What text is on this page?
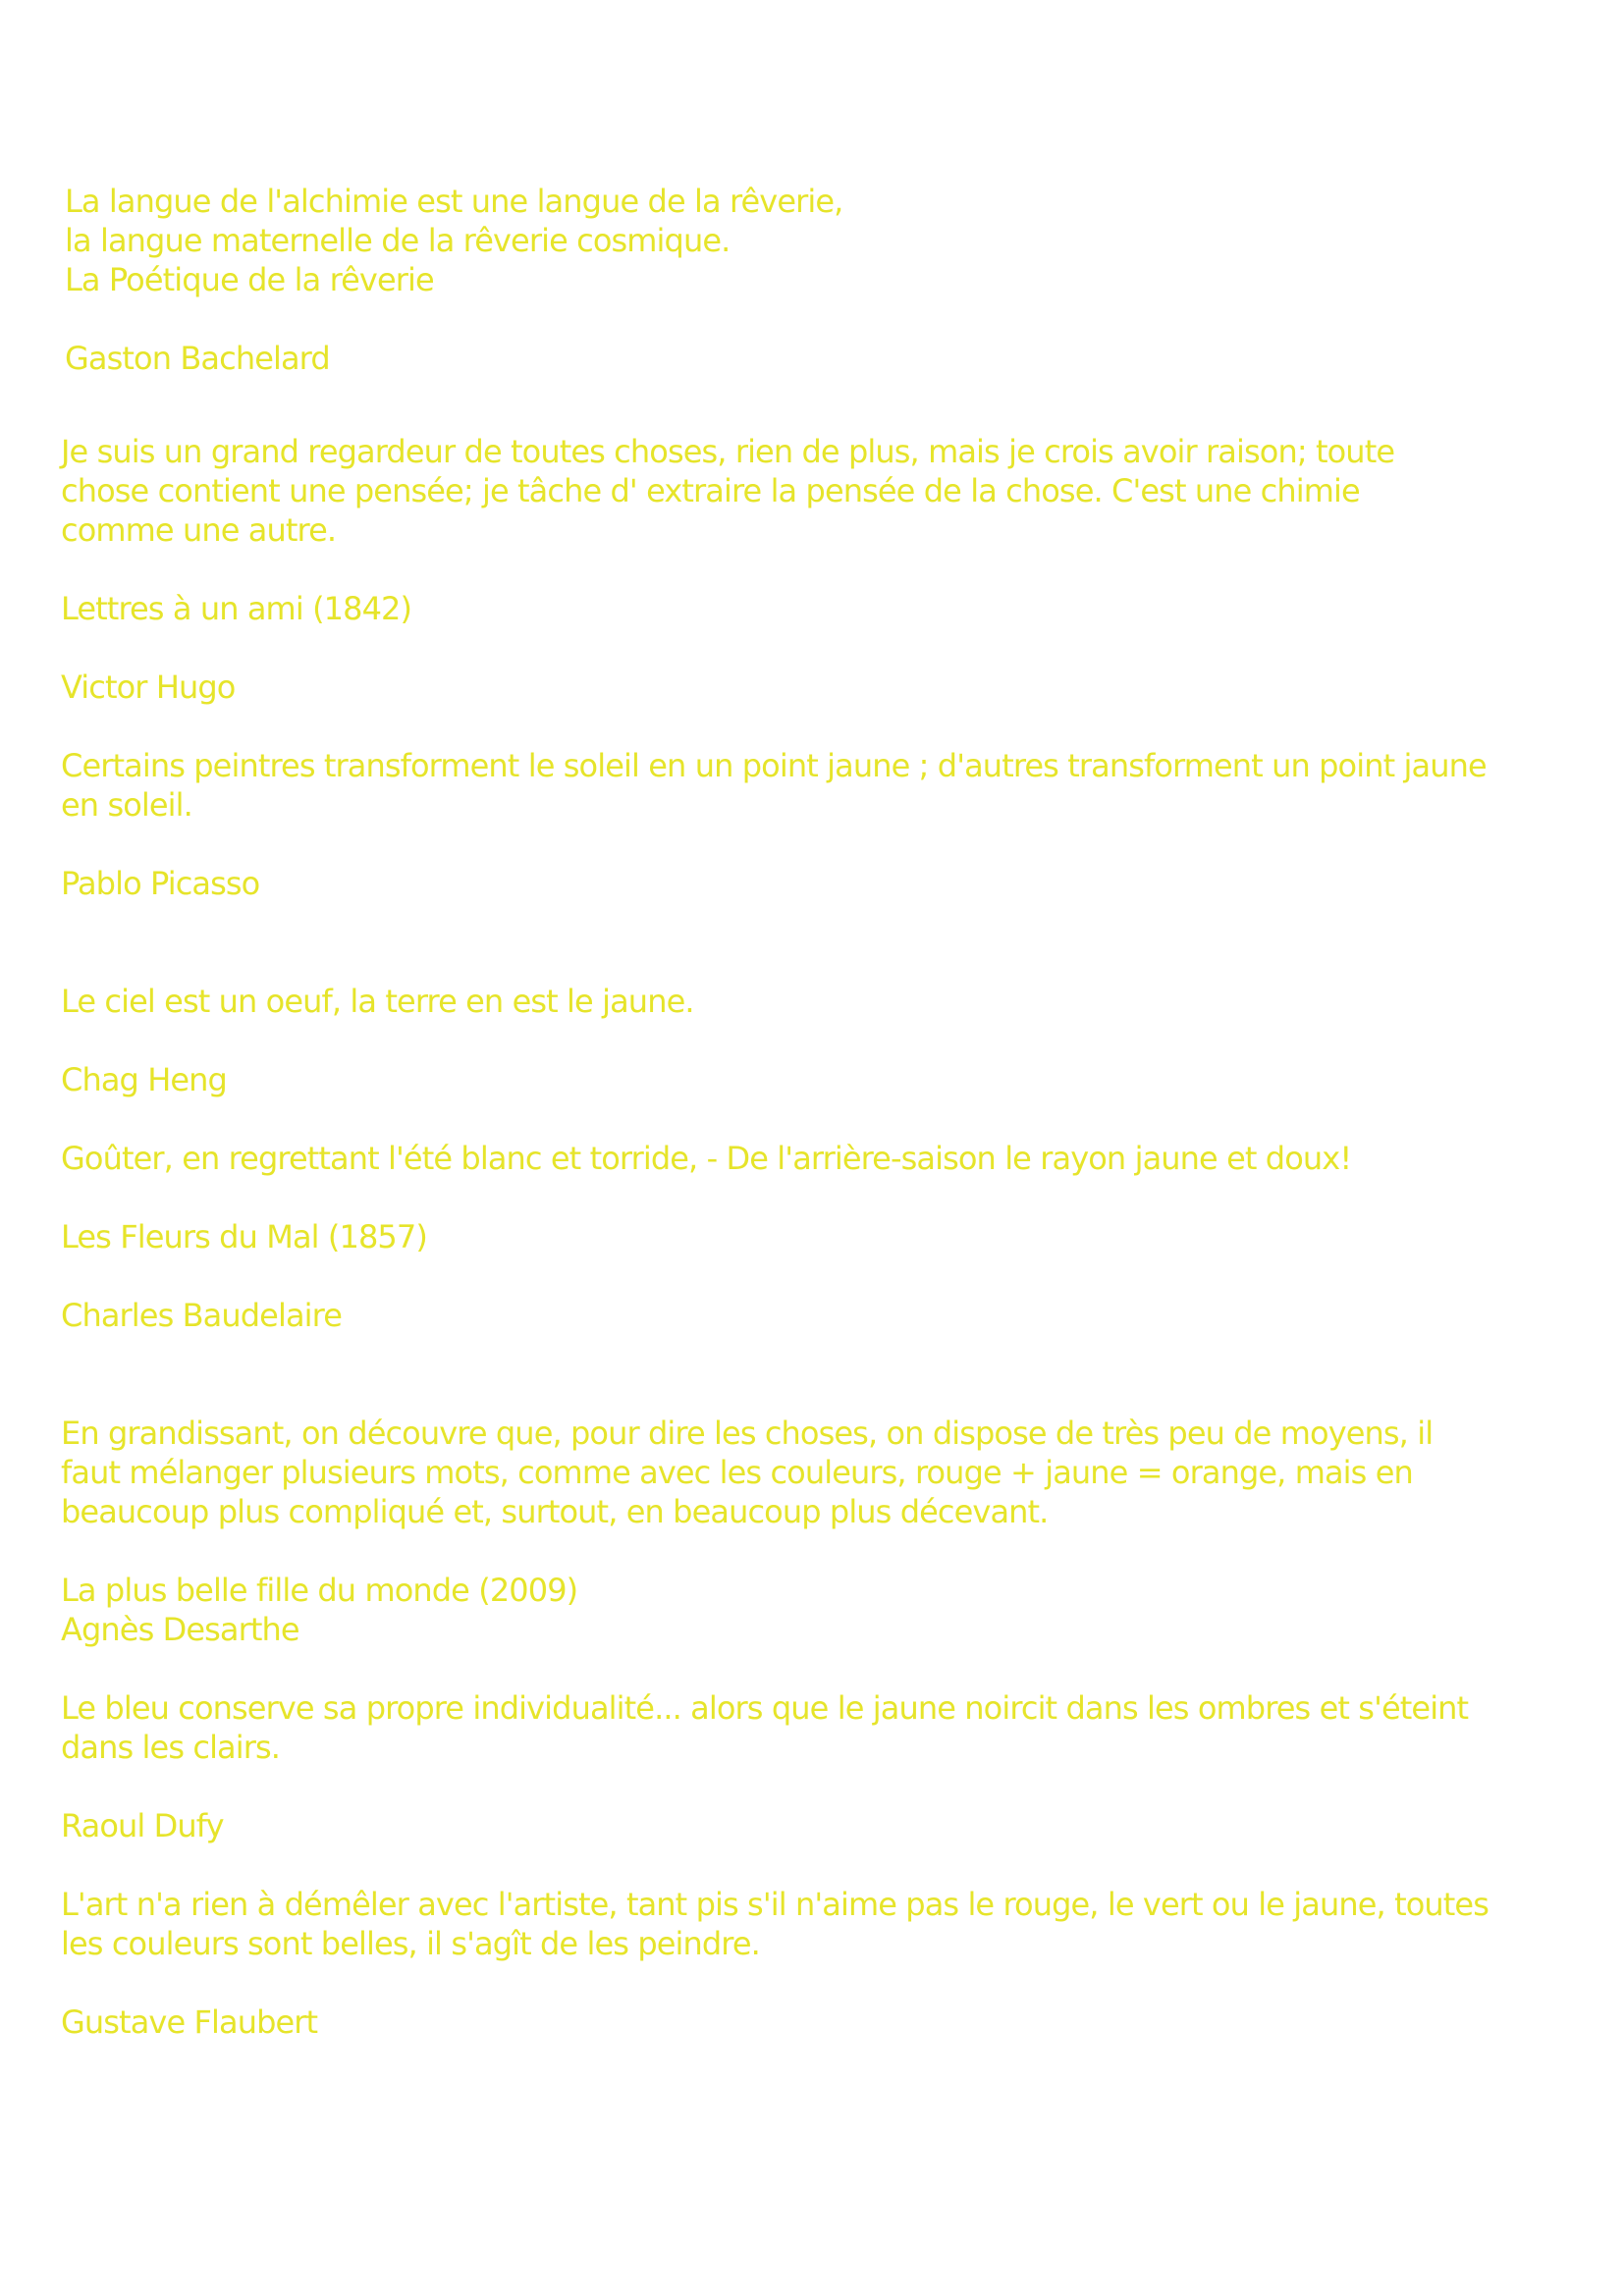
La langue de l'alchimie est une langue de la rêverie,

la langue maternelle de la rêverie cosmique.

La Poétique de la rêverie

Gaston Bachelard

Je suis un grand regardeur de toutes choses, rien de plus, mais je crois avoir raison; toute

chose contient une pensée; je tâche d' extraire la pensée de la chose. C'est une chimie

comme une autre.

Lettres à un ami (1842)

Victor Hugo

Certains peintres transforment le soleil en un point jaune ; d'autres transforment un point jaune

en soleil.

Pablo Picasso

Le ciel est un oeuf, la terre en est le jaune.

Chag Heng

Goûter, en regrettant l'été blanc et torride, - De l'arrière-saison le rayon jaune et doux!

Les Fleurs du Mal (1857)

Charles Baudelaire

En grandissant, on découvre que, pour dire les choses, on dispose de très peu de moyens, il

faut mélanger plusieurs mots, comme avec les couleurs, rouge + jaune = orange, mais en

beaucoup plus compliqué et, surtout, en beaucoup plus décevant.

La plus belle fille du monde (2009)

Agnès Desarthe

Le bleu conserve sa propre individualité... alors que le jaune noircit dans les ombres et s'éteint

dans les clairs.

Raoul Dufy

L'art n'a rien à démêler avec l'artiste, tant pis s'il n'aime pas le rouge, le vert ou le jaune, toutes

les couleurs sont belles, il s'agît de les peindre.

Gustave Flaubert
